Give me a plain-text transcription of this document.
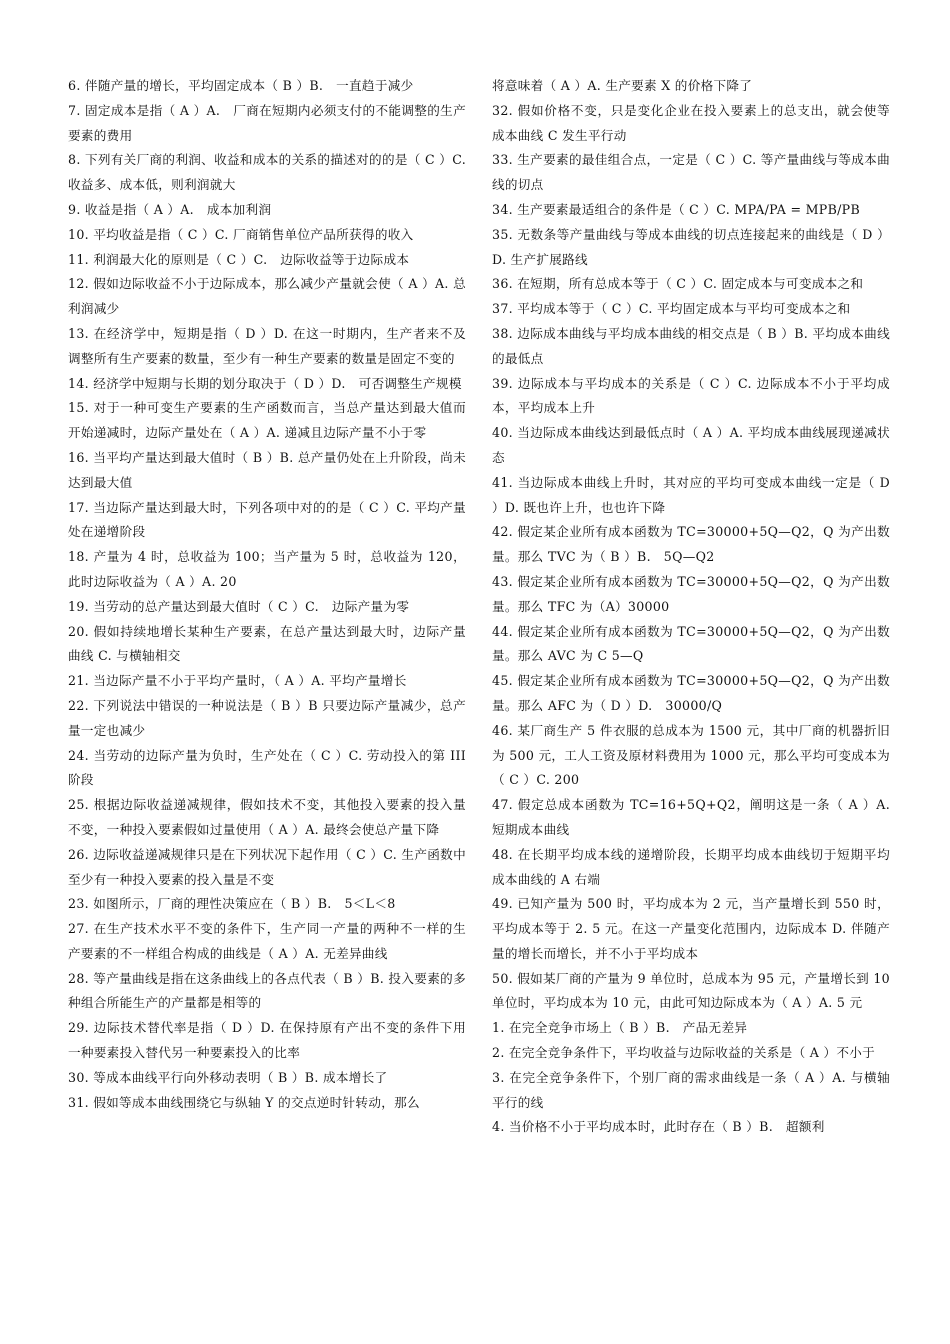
6. 伴随产量的增长，平均固定成本（ B ）B.　一直趋于减少

7. 固定成本是指（ A ）A.　厂商在短期内必须支付的不能调整的生产要素的费用

8. 下列有关厂商的利润、收益和成本的关系的描述对的的是（ C ）C. 收益多、成本低，则利润就大

9. 收益是指（ A ）A.　成本加利润

10. 平均收益是指（ C ）C. 厂商销售单位产品所获得的收入

11. 利润最大化的原则是（ C ）C.　边际收益等于边际成本

12. 假如边际收益不小于边际成本，那么减少产量就会使（ A ）A. 总利润减少

13. 在经济学中，短期是指（ D ）D. 在这一时期内，生产者来不及调整所有生产要素的数量，至少有一种生产要素的数量是固定不变的

14. 经济学中短期与长期的划分取决于（ D ）D.　可否调整生产规模

15. 对于一种可变生产要素的生产函数而言，当总产量达到最大值而开始递减时，边际产量处在（ A ）A. 递减且边际产量不小于零

16. 当平均产量达到最大值时（ B ）B. 总产量仍处在上升阶段，尚未达到最大值

17. 当边际产量达到最大时，下列各项中对的的是（ C ）C. 平均产量处在递增阶段

18. 产量为 4 时，总收益为 100；当产量为 5 时，总收益为 120，此时边际收益为（ A ）A. 20

19. 当劳动的总产量达到最大值时（ C ）C.　边际产量为零

20. 假如持续地增长某种生产要素，在总产量达到最大时，边际产量曲线 C. 与横轴相交

21. 当边际产量不小于平均产量时，（ A ）A. 平均产量增长

22. 下列说法中错误的一种说法是（ B ）B 只要边际产量减少，总产量一定也减少

24. 当劳动的边际产量为负时，生产处在（ C ）C. 劳动投入的第 III 阶段

25. 根据边际收益递减规律，假如技术不变，其他投入要素的投入量不变，一种投入要素假如过量使用（ A ）A. 最终会使总产量下降

26. 边际收益递减规律只是在下列状况下起作用（ C ）C. 生产函数中至少有一种投入要素的投入量是不变

23. 如图所示，厂商的理性决策应在（ B ）B.　5＜L＜8

27. 在生产技术水平不变的条件下，生产同一产量的两种不一样的生产要素的不一样组合构成的曲线是（ A ）A. 无差异曲线

28. 等产量曲线是指在这条曲线上的各点代表（ B ）B. 投入要素的多种组合所能生产的产量都是相等的

29. 边际技术替代率是指（ D ）D. 在保持原有产出不变的条件下用一种要素投入替代另一种要素投入的比率

30. 等成本曲线平行向外移动表明（ B ）B. 成本增长了

31. 假如等成本曲线围绕它与纵轴 Y 的交点逆时针转动，那么

将意味着（ A ）A. 生产要素 X 的价格下降了

32. 假如价格不变，只是变化企业在投入要素上的总支出，就会使等成本曲线 C 发生平行动

33. 生产要素的最佳组合点，一定是（ C ）C. 等产量曲线与等成本曲线的切点

34. 生产要素最适组合的条件是（ C ）C. MPA/PA = MPB/PB

35. 无数条等产量曲线与等成本曲线的切点连接起来的曲线是（ D ）D. 生产扩展路线

36. 在短期，所有总成本等于（ C ）C. 固定成本与可变成本之和

37. 平均成本等于（ C ）C. 平均固定成本与平均可变成本之和

38. 边际成本曲线与平均成本曲线的相交点是（ B ）B. 平均成本曲线的最低点

39. 边际成本与平均成本的关系是（ C ）C. 边际成本不小于平均成本，平均成本上升

40. 当边际成本曲线达到最低点时（ A ）A. 平均成本曲线展现递减状态

41. 当边际成本曲线上升时，其对应的平均可变成本曲线一定是（ D ）D. 既也许上升，也也许下降

42. 假定某企业所有成本函数为 TC=30000+5Q—Q2，Q 为产出数量。那么 TVC 为（ B ）B.　5Q—Q2

43. 假定某企业所有成本函数为 TC=30000+5Q—Q2，Q 为产出数量。那么 TFC 为（A）30000

44. 假定某企业所有成本函数为 TC=30000+5Q—Q2，Q 为产出数量。那么 AVC 为 C 5—Q

45. 假定某企业所有成本函数为 TC=30000+5Q—Q2，Q 为产出数量。那么 AFC 为（ D ）D.　30000/Q

46. 某厂商生产 5 件衣服的总成本为 1500 元，其中厂商的机器折旧为 500 元，工人工资及原材料费用为 1000 元，那么平均可变成本为（ C ）C. 200

47. 假定总成本函数为 TC=16+5Q+Q2，阐明这是一条（ A ）A. 短期成本曲线

48. 在长期平均成本线的递增阶段，长期平均成本曲线切于短期平均成本曲线的 A 右端

49. 已知产量为 500 时，平均成本为 2 元，当产量增长到 550 时，平均成本等于 2. 5 元。在这一产量变化范围内，边际成本 D. 伴随产量的增长而增长，并不小于平均成本

50. 假如某厂商的产量为 9 单位时，总成本为 95 元，产量增长到 10 单位时，平均成本为 10 元，由此可知边际成本为（ A ）A. 5 元

1. 在完全竞争市场上（ B ）B.　产品无差异

2. 在完全竞争条件下，平均收益与边际收益的关系是（ A ）不小于

3. 在完全竞争条件下，个别厂商的需求曲线是一条（ A ）A. 与横轴平行的线

4. 当价格不小于平均成本时，此时存在（ B ）B.　超额利
